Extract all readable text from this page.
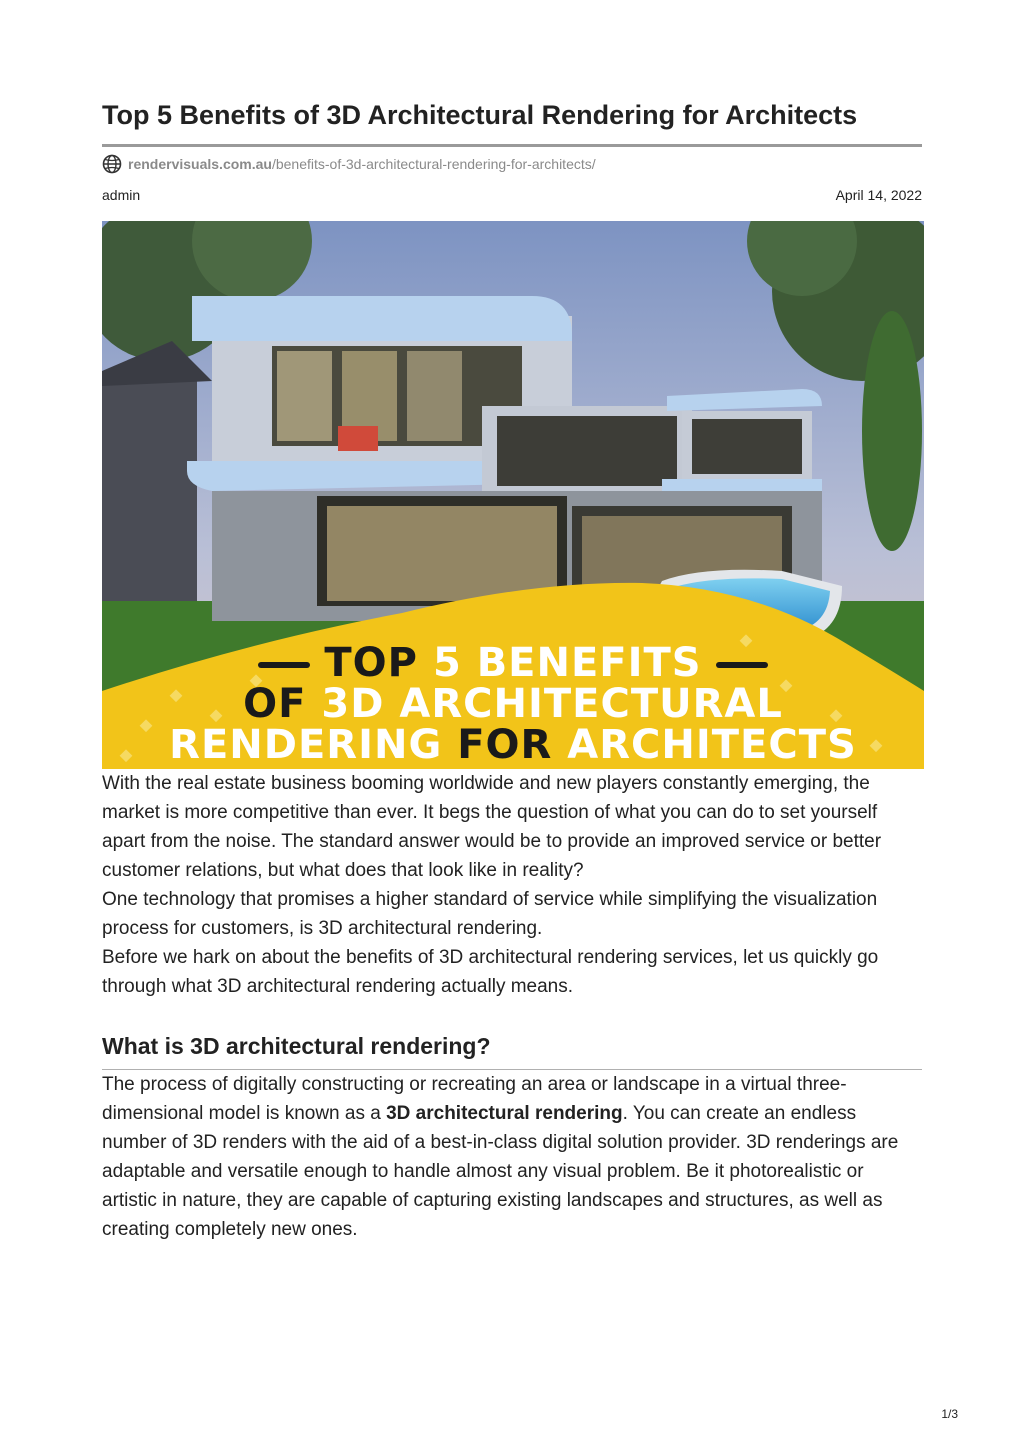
Top 5 Benefits of 3D Architectural Rendering for Architects
rendervisuals.com.au /benefits-of-3d-architectural-rendering-for-architects/
admin	April 14, 2022
TOP 5 BENEFITS
OF 3D ARCHITECTURAL
RENDERING FOR ARCHITECTS

With the real estate business booming worldwide and new players constantly emerging, the market is more competitive than ever. It begs the question of what you can do to set yourself apart from the noise. The standard answer would be to provide an improved service or better customer relations, but what does that look like in reality?

One technology that promises a higher standard of service while simplifying the visualization process for customers, is 3D architectural rendering.

Before we hark on about the benefits of 3D architectural rendering services, let us quickly go through what 3D architectural rendering actually means.

What is 3D architectural rendering?

The process of digitally constructing or recreating an area or landscape in a virtual three-dimensional model is known as a 3D architectural rendering. You can create an endless number of 3D renders with the aid of a best-in-class digital solution provider. 3D renderings are adaptable and versatile enough to handle almost any visual problem. Be it photorealistic or artistic in nature, they are capable of capturing existing landscapes and structures, as well as creating completely new ones.

1/3
